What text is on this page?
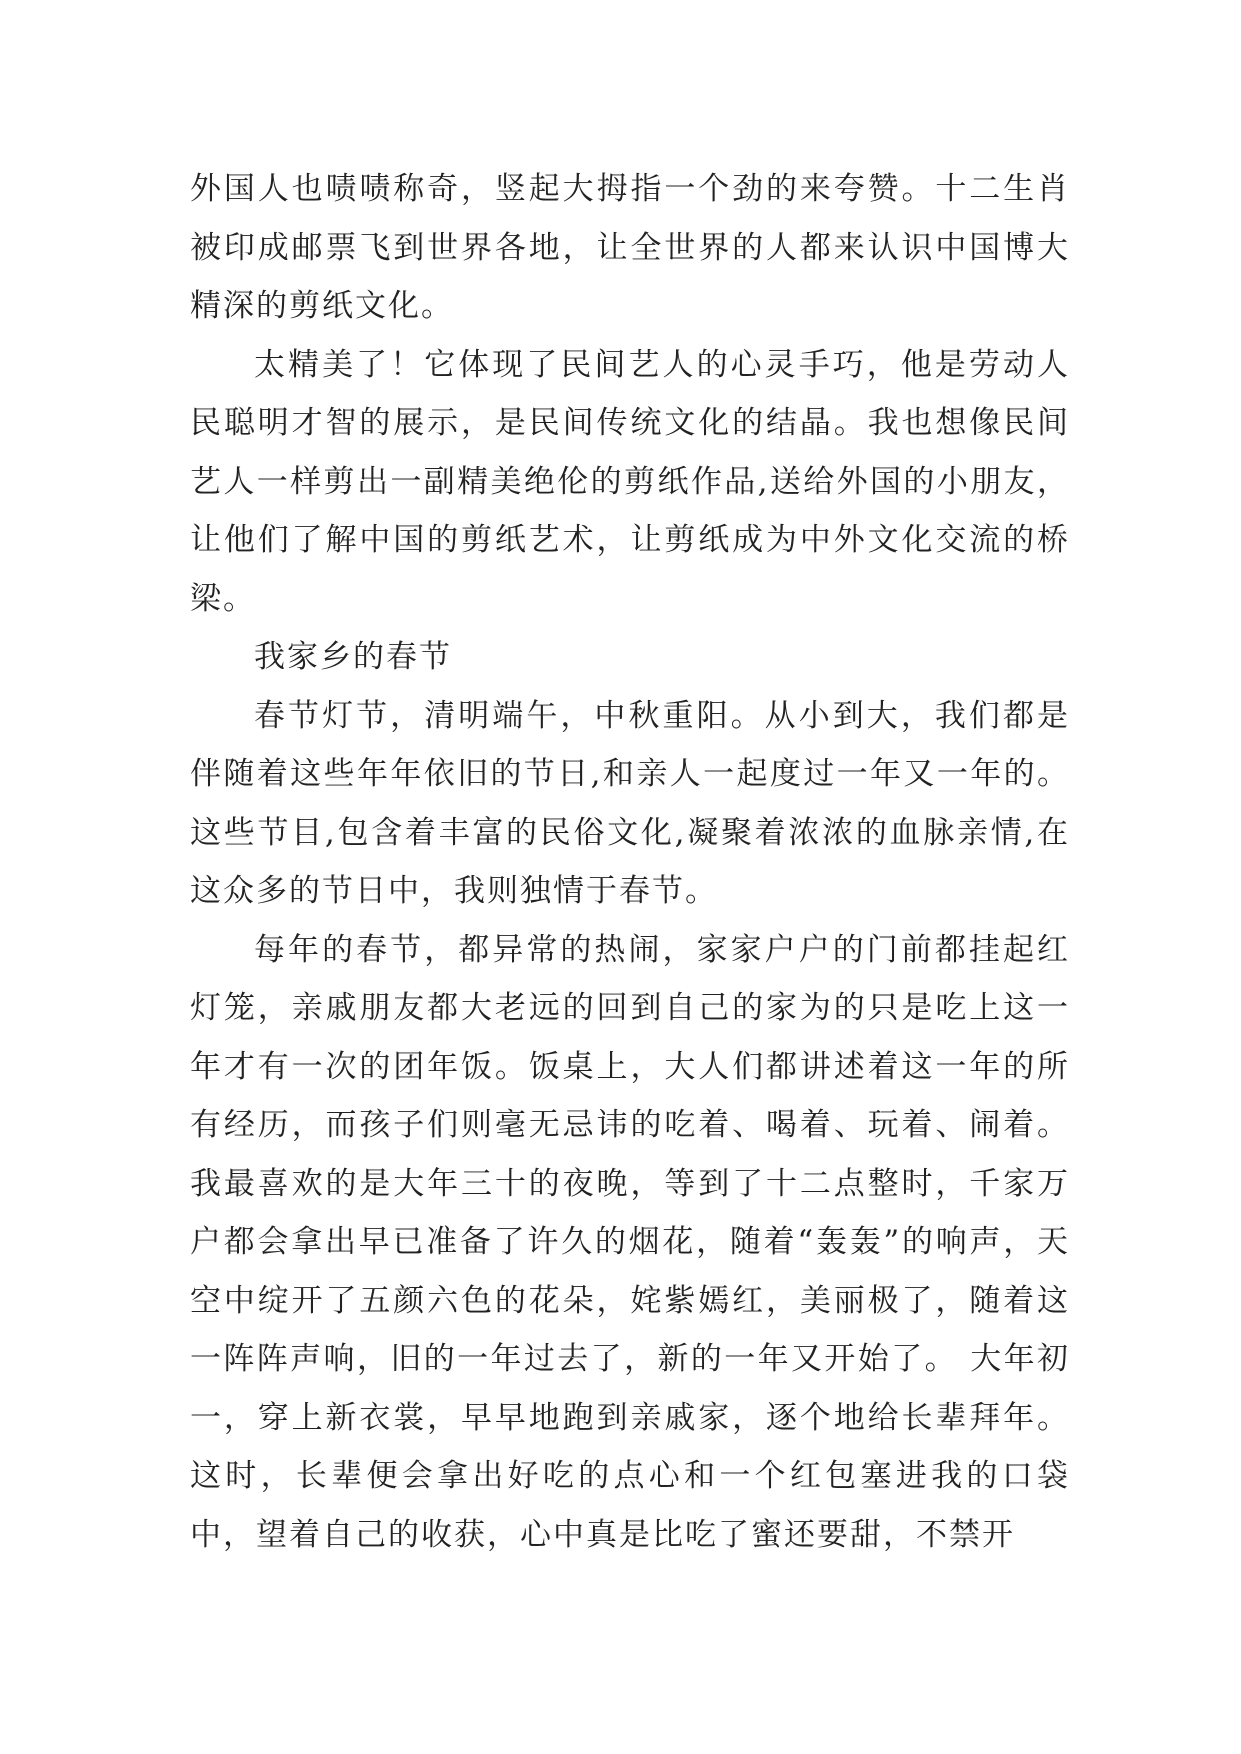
外国人也啧啧称奇，竖起大拇指一个劲的来夸赞。十二生肖被印成邮票飞到世界各地，让全世界的人都来认识中国博大精深的剪纸文化。

太精美了！它体现了民间艺人的心灵手巧，他是劳动人民聪明才智的展示，是民间传统文化的结晶。我也想像民间艺人一样剪出一副精美绝伦的剪纸作品,送给外国的小朋友，让他们了解中国的剪纸艺术，让剪纸成为中外文化交流的桥梁。

我家乡的春节

春节灯节，清明端午，中秋重阳。从小到大，我们都是伴随着这些年年依旧的节日,和亲人一起度过一年又一年的。这些节目,包含着丰富的民俗文化,凝聚着浓浓的血脉亲情,在这众多的节日中，我则独情于春节。

每年的春节，都异常的热闹，家家户户的门前都挂起红灯笼，亲戚朋友都大老远的回到自己的家为的只是吃上这一年才有一次的团年饭。饭桌上，大人们都讲述着这一年的所有经历，而孩子们则毫无忌讳的吃着、喝着、玩着、闹着。我最喜欢的是大年三十的夜晚，等到了十二点整时，千家万户都会拿出早已准备了许久的烟花，随着“轰轰”的响声，天空中绽开了五颜六色的花朵，姹紫嫣红，美丽极了，随着这一阵阵声响，旧的一年过去了，新的一年又开始了。 大年初一，穿上新衣裳，早早地跑到亲戚家，逐个地给长辈拜年。这时，长辈便会拿出好吃的点心和一个红包塞进我的口袋中，望着自己的收获，心中真是比吃了蜜还要甜，不禁开
